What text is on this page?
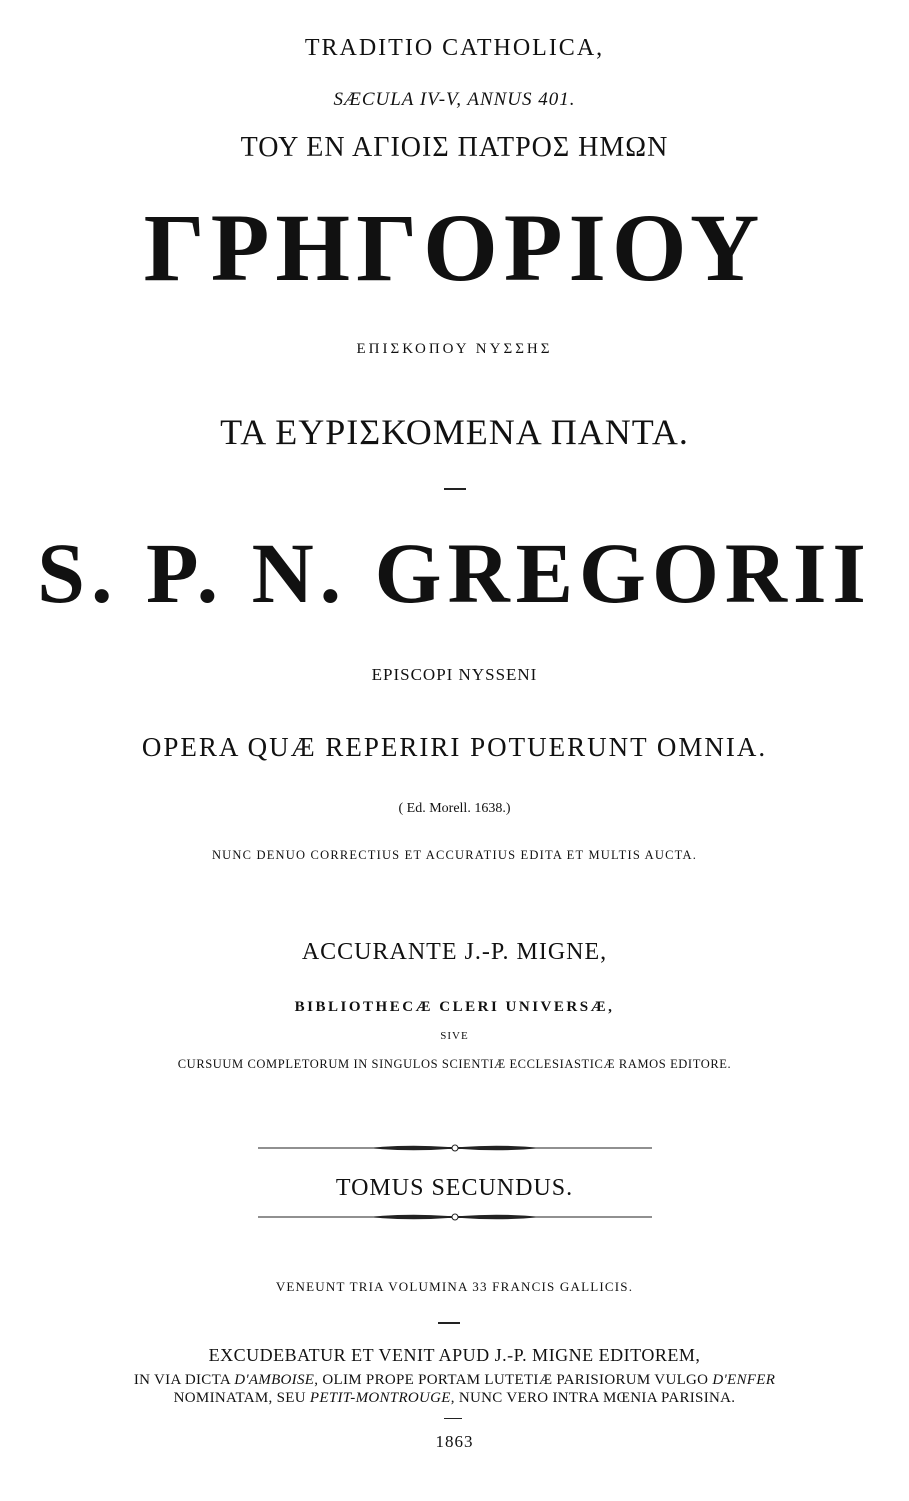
TRADITIO CATHOLICA,
SÆCULA IV-V, ANNUS 401.
ΤΟΥ ΕΝ ΑΓΙΟΙΣ ΠΑΤΡΟΣ ΗΜΩΝ
ΓΡΗΓΟΡΙΟΥ
ΕΠΙΣΚΟΠΟΥ ΝΥΣΣΗΣ
ΤΑ ΕΥΡΙΣΚΟΜΕΝΑ ΠΑΝΤΑ.
S. P. N. GREGORII
EPISCOPI NYSSENI
OPERA QUÆ REPERIRI POTUERUNT OMNIA.
( Ed. Morell. 1638.)
NUNC DENUO CORRECTIUS ET ACCURATIUS EDITA ET MULTIS AUCTA.
ACCURANTE J.-P. MIGNE,
BIBLIOTHECÆ CLERI UNIVERSÆ,
SIVE
CURSUUM COMPLETORUM IN SINGULOS SCIENTIÆ ECCLESIASTICÆ RAMOS EDITORE.
TOMUS SECUNDUS.
VENEUNT TRIA VOLUMINA 33 FRANCIS GALLICIS.
EXCUDEBATUR ET VENIT APUD J.-P. MIGNE EDITOREM,
IN VIA DICTA D'AMBOISE, OLIM PROPE PORTAM LUTETIÆ PARISIORUM VULGO D'ENFER
NOMINATAM, SEU PETIT-MONTROUGE, NUNC VERO INTRA MŒNIA PARISINA.
1863
